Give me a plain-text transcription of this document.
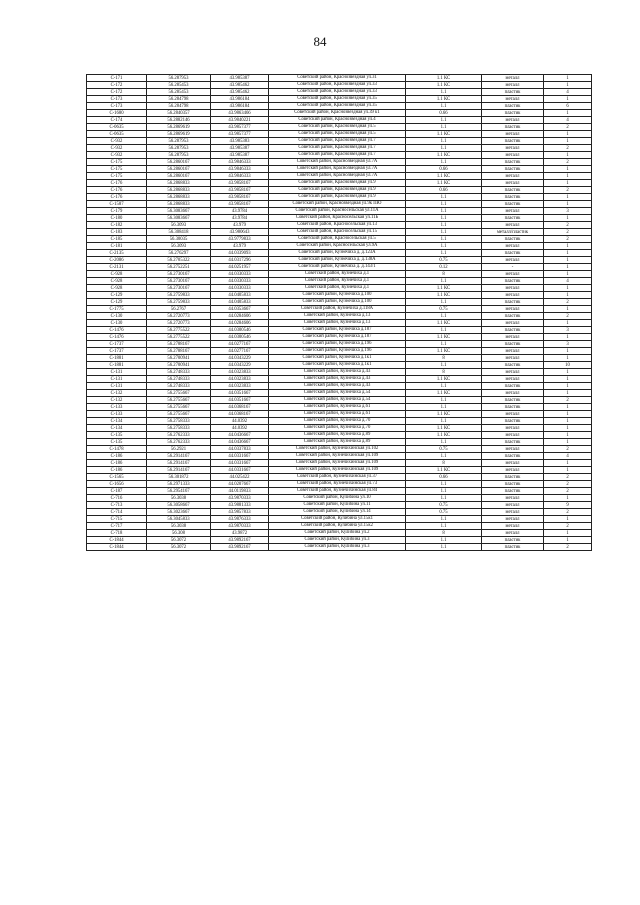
84
С-171	56.287953	43.985387	Советский район, Краснозвездная ул.31	1.1 КС	металл	1
С-172	56.285453	43.985462	Советский район, Краснозвездная ул.33	1.1 КС	металл	1
С-172	56.285453	43.985462	Советский район, Краснозвездная ул.33	1.1	пластик	4
С-173	56.284798	43.986184	Советский район, Краснозвездная ул.35	1.1 КС	металл	1
С-173	56.284798	43.986184	Советский район, Краснозвездная ул.35	1.1	пластик	6
С-1680	56.2840357	43.9863466	Советский район, Краснозвездная ул.39 к1	0.66	пластик	1
С-174	56.2882146	43.9840221	Советский район, Краснозвездная ул.4	1.1	металл	4
С-0635	56.2869619	43.9857377	Советский район, Краснозвездная ул.5	1.1	пластик	2
С-0635	56.2869619	43.9857377	Советский район, Краснозвездная ул.5	1.1 КС	металл	1
С-932	56.287953	43.985383	Советский район, Краснозвездная ул.7	1.1	пластик	1
С-932	56.287953	43.985387	Советский район, Краснозвездная ул.7	1.1	металл	2
С-932	56.287953	43.985387	Советский район, Краснозвездная ул.7	1.1 КС	металл	1
С-175	56.2860167	43.9846333	Советский район, Краснозвездная ул.7А	1.1	пластик	2
С-175	56.2860167	43.9846333	Советский район, Краснозвездная ул.7А	0.66	пластик	1
С-175	56.2860167	43.9846333	Советский район, Краснозвездная ул.7А	1.1 КС	металл	1
С-176	56.2868833	43.9858167	Советский район, Краснозвездная ул.9	1.1 КС	металл	1
С-176	56.2868833	43.9858167	Советский район, Краснозвездная ул.9	0.66	пластик	2
С-176	56.2868833	43.9858167	Советский район, Краснозвездная ул.9	1.1	пластик	1
С-1587	56.2868833	43.9858167	Советский район, Краснозвездная ул.9к ПЮ	1.1	пластик	1
С-179	56.3083667	43.9784	Советский район, Красносельская ул.11А	1.1	металл	3
С-180	56.3083667	43.9784	Советский район, Красносельская ул.11Б	1.1	пластик	1
С-182	56.3093	43.979	Советский район, Красносельская ул.13	1.1	металл	2
С-183	56.308418	43.980643	Советский район, Красносельская ул.15	1.1	металл/пластик	2
С-185	56.30035	43.9779833	Советский район, Красносельская ул.5	1.1	пластик	2
С-181	56.3093	43.979	Советский район, Красносельская ул.9А	1.1	металл	1
С-2135	56.276297	44.0339093	Советский район, Кузнечиха д. д.123А	1.1	пластик	1
С-2086	56.2705322	44.0317296	Советский район, Кузнечиха д. д.138А	0.75	металл	1
С-2131	56.2752251	44.0251957	Советский район, Кузнечиха д. д.143/1	0.12	-	1
С-928	56.2730167	44.0330333	Советский район, Кузнечиха д.1	8	металл	1
С-928	56.2730167	44.0330333	Советский район, Кузнечиха д.1	1.1	пластик	4
С-928	56.2730167	44.0330333	Советский район, Кузнечиха д.1	1.1 КС	металл	1
С-129	56.2759833	44.0405833	Советский район, Кузнечиха д.100	1.1 КС	металл	1
С-129	56.2759833	44.0405833	Советский район, Кузнечиха д.100	1.1	пластик	2
С-1775	56.2767	44.0353667	Советский район, Кузнечиха д.118А	0.75	металл	1
С-130	56.2720773	44.0284606	Советский район, Кузнечиха д.13	1.1	пластик	2
С-130	56.2720773	44.0284606	Советский район, Кузнечиха д.13	1.1 КС	металл	1
С-1476	56.2775522	44.0300546	Советский район, Кузнечиха д.187	1.1	пластик	3
С-1476	56.2775522	44.0300546	Советский район, Кузнечиха д.187	1.1 КС	металл	1
С-1737	56.2788167	44.0277167	Советский район, Кузнечиха д.196	1.1	пластик	3
С-1737	56.2788167	44.0277167	Советский район, Кузнечиха д.196	1.1 КС	металл	1
С-1881	56.2700941	44.0343229	Советский район, Кузнечиха д.1к1	8	металл	1
С-1881	56.2700941	44.0343229	Советский район, Кузнечиха д.1к1	1.1	пластик	10
С-131	56.2748333	44.0323833	Советский район, Кузнечиха д.43	8	металл	1
С-131	56.2748333	44.0323833	Советский район, Кузнечиха д.43	1.1 КС	металл	1
С-131	56.2748333	44.0323833	Советский район, Кузнечиха д.43	1.1	пластик	1
С-132	56.2755667	44.0351667	Советский район, Кузнечиха д.54	1.1 КС	металл	1
С-132	56.2755667	44.0351667	Советский район, Кузнечиха д.54	1.1	пластик	2
С-133	56.2755667	44.0368167	Советский район, Кузнечиха д.61	1.1	пластик	1
С-133	56.2755667	44.0368167	Советский район, Кузнечиха д.61	1.1 КС	металл	1
С-134	56.2758333	44.0392	Советский район, Кузнечиха д.70	1.1	пластик	1
С-134	56.2758333	44.0392	Советский район, Кузнечиха д.70	1.1 КС	металл	1
С-135	56.2762333	44.0436667	Советский район, Кузнечиха д.89	1.1 КС	металл	1
С-135	56.2762333	44.0436667	Советский район, Кузнечиха д.89	1.1	пластик	1
С-1478	56.2921	44.0337833	Советский район, Кузнечихинская ул.102	0.75	металл	2
С-186	56.2914167	44.0331667	Советский район, Кузнечихинская ул.109	1.1	пластик	4
С-186	56.2914167	44.0331667	Советский район, Кузнечихинская ул.109	8	металл	1
С-186	56.2914167	44.0331667	Советский район, Кузнечихинская ул.109	1.1 КС	металл	1
С-1565	56.301872	44.025422	Советский район, Кузнечихинская ул.37	0.66	пластик	2
С-1656	56.2971333	44.0207667	Советский район, Кузнечихинская ул.73	1.1	пластик	2
С-187	56.2954167	44.0119833	Советский район, Кузнечихинская ул.84	1.1	пластик	2
С-716	56.3038	43.9870333	Советский район, Кулибина ул.10	1.1	металл	1
С-713	56.3058667	43.9881333	Советский район, Кулибина ул.11	0.75	металл	9
С-714	56.3023667	43.9857833	Советский район, Кулибина ул.14	0.75	металл	2
С-715	56.3045833	43.9876333	Советский район, Кулибина ул.15к1	1.1	металл	1
С-717	56.3038	43.9870333	Советский район, Кулибина ул.15к2	1.1	металл	2
С-718	56.308	43.9872	Советский район, Кулибина ул.2	8	металл	1
С-1844	56.3072	43.9892167	Советский район, Кулибина ул.3	1.1	пластик	1
С-1844	56.3072	43.9892167	Советский район, Кулибина ул.3	1.1	пластик	2
